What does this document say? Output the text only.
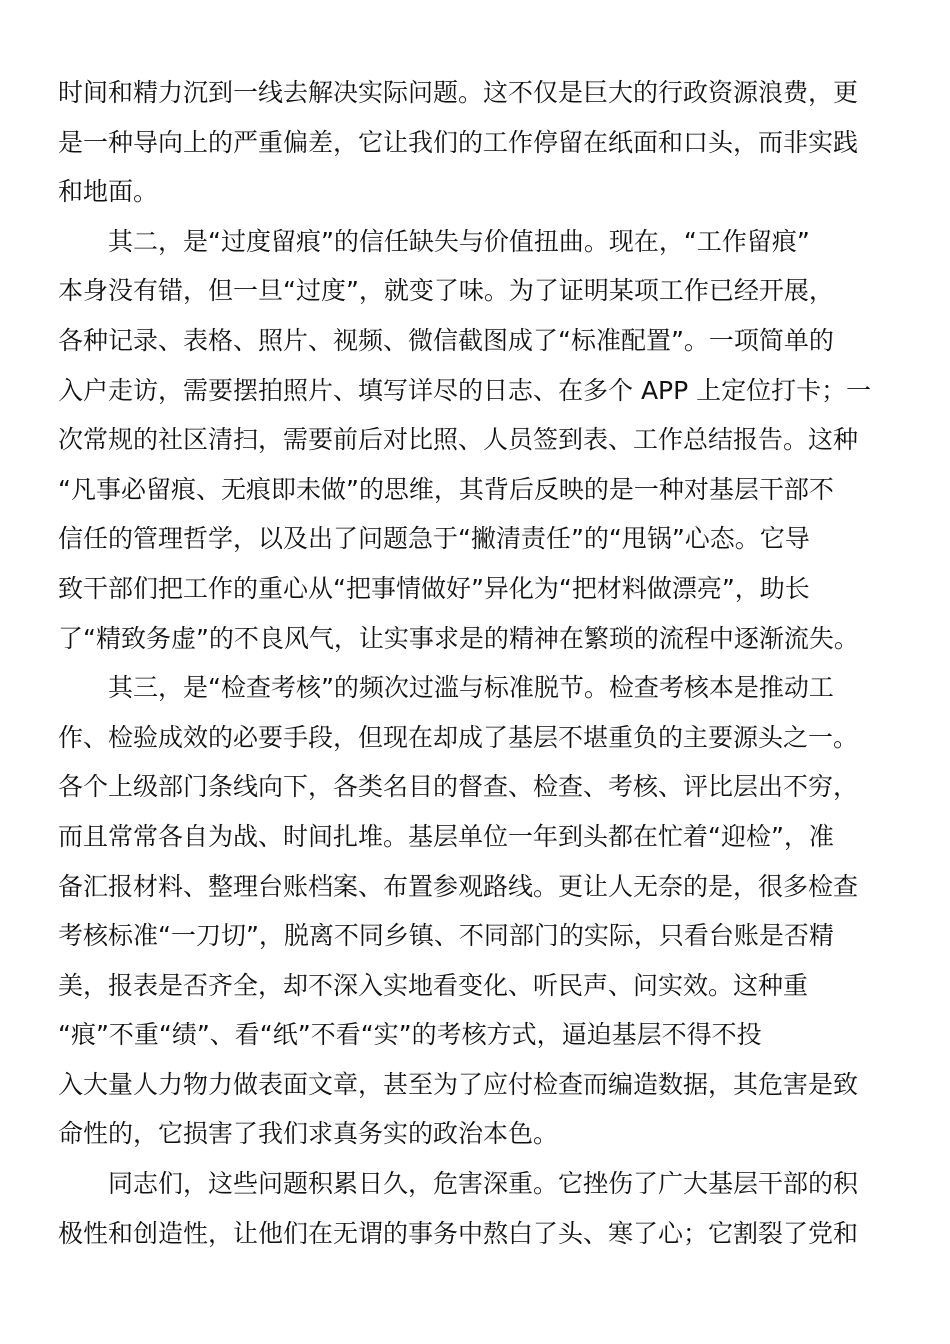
时间和精力沉到一线去解决实际问题。这不仅是巨大的行政资源浪费，更
是一种导向上的严重偏差，它让我们的工作停留在纸面和口头，而非实践
和地面。
其二，是“过度留痕”的信任缺失与价值扭曲。现在，“工作留痕”
本身没有错，但一旦“过度”，就变了味。为了证明某项工作已经开展，
各种记录、表格、照片、视频、微信截图成了“标准配置”。一项简单的
入户走访，需要摆拍照片、填写详尽的日志、在多个 APP 上定位打卡；一
次常规的社区清扫，需要前后对比照、人员签到表、工作总结报告。这种
“凡事必留痕、无痕即未做”的思维，其背后反映的是一种对基层干部不
信任的管理哲学，以及出了问题急于“撇清责任”的“甩锅”心态。它导
致干部们把工作的重心从“把事情做好”异化为“把材料做漂亮”，助长
了“精致务虚”的不良风气，让实事求是的精神在繁琐的流程中逐渐流失。
其三，是“检查考核”的频次过滥与标准脱节。检查考核本是推动工
作、检验成效的必要手段，但现在却成了基层不堪重负的主要源头之一。
各个上级部门条线向下，各类名目的督查、检查、考核、评比层出不穷，
而且常常各自为战、时间扎堆。基层单位一年到头都在忙着“迎检”，准
备汇报材料、整理台账档案、布置参观路线。更让人无奈的是，很多检查
考核标准“一刀切”，脱离不同乡镇、不同部门的实际，只看台账是否精
美，报表是否齐全，却不深入实地看变化、听民声、问实效。这种重
“痕”不重“绩”、看“纸”不看“实”的考核方式，逼迫基层不得不投
入大量人力物力做表面文章，甚至为了应付检查而编造数据，其危害是致
命性的，它损害了我们求真务实的政治本色。
同志们，这些问题积累日久，危害深重。它挫伤了广大基层干部的积
极性和创造性，让他们在无谓的事务中熬白了头、寒了心；它割裂了党和
